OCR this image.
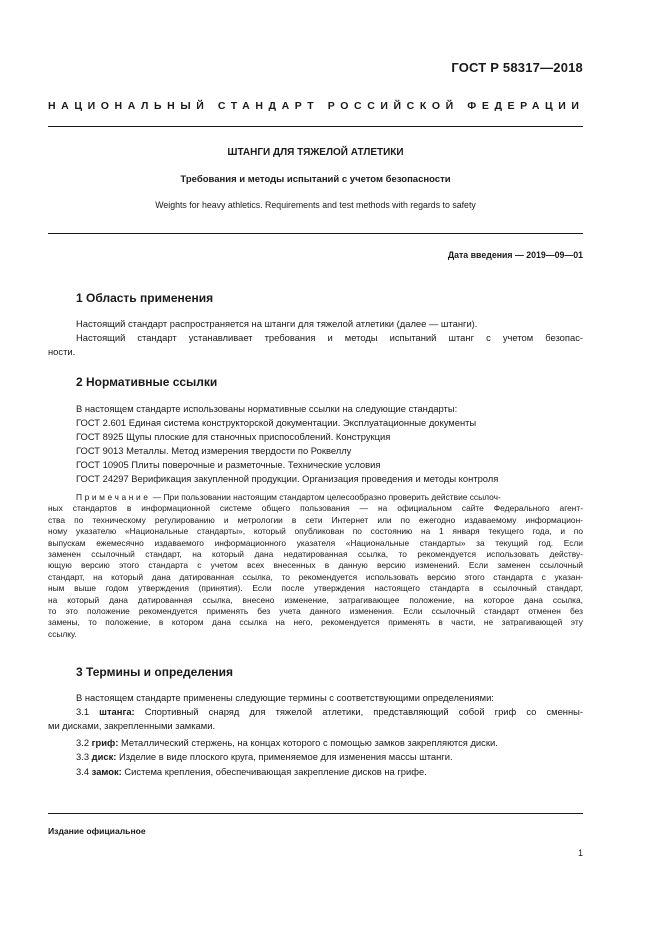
ГОСТ Р 58317—2018
НАЦИОНАЛЬНЫЙ СТАНДАРТ РОССИЙСКОЙ ФЕДЕРАЦИИ
ШТАНГИ ДЛЯ ТЯЖЕЛОЙ АТЛЕТИКИ
Требования и методы испытаний с учетом безопасности
Weights for heavy athletics. Requirements and test methods with regards to safety
Дата введения — 2019—09—01
1 Область применения
Настоящий стандарт распространяется на штанги для тяжелой атлетики (далее — штанги).
Настоящий стандарт устанавливает требования и методы испытаний штанг с учетом безопас-
ности.
2 Нормативные ссылки
В настоящем стандарте использованы нормативные ссылки на следующие стандарты:
ГОСТ 2.601 Единая система конструкторской документации. Эксплуатационные документы
ГОСТ 8925 Щупы плоские для станочных приспособлений. Конструкция
ГОСТ 9013 Металлы. Метод измерения твердости по Роквеллу
ГОСТ 10905 Плиты поверочные и разметочные. Технические условия
ГОСТ 24297 Верификация закупленной продукции. Организация проведения и методы контроля
Примечание — При пользовании настоящим стандартом целесообразно проверить действие ссылоч-
ных стандартов в информационной системе общего пользования — на официальном сайте Федерального агент-
ства по техническому регулированию и метрологии в сети Интернет или по ежегодно издаваемому информацион-
ному указателю «Национальные стандарты», который опубликован по состоянию на 1 января текущего года, и по
выпускам ежемесячно издаваемого информационного указателя «Национальные стандарты» за текущий год. Если
заменен ссылочный стандарт, на который дана недатированная ссылка, то рекомендуется использовать действу-
ющую версию этого стандарта с учетом всех внесенных в данную версию изменений. Если заменен ссылочный
стандарт, на который дана датированная ссылка, то рекомендуется использовать версию этого стандарта с указан-
ным выше годом утверждения (принятия). Если после утверждения настоящего стандарта в ссылочный стандарт,
на который дана датированная ссылка, внесено изменение, затрагивающее положение, на которое дана ссылка,
то это положение рекомендуется применять без учета данного изменения. Если ссылочный стандарт отменен без
замены, то положение, в котором дана ссылка на него, рекомендуется применять в части, не затрагивающей эту
ссылку.
3 Термины и определения
В настоящем стандарте применены следующие термины с соответствующими определениями:
3.1 штанга: Спортивный снаряд для тяжелой атлетики, представляющий собой гриф со сменны-
ми дисками, закрепленными замками.
3.2 гриф: Металлический стержень, на концах которого с помощью замков закрепляются диски.
3.3 диск: Изделие в виде плоского круга, применяемое для изменения массы штанги.
3.4 замок: Система крепления, обеспечивающая закрепление дисков на грифе.
Издание официальное
1
